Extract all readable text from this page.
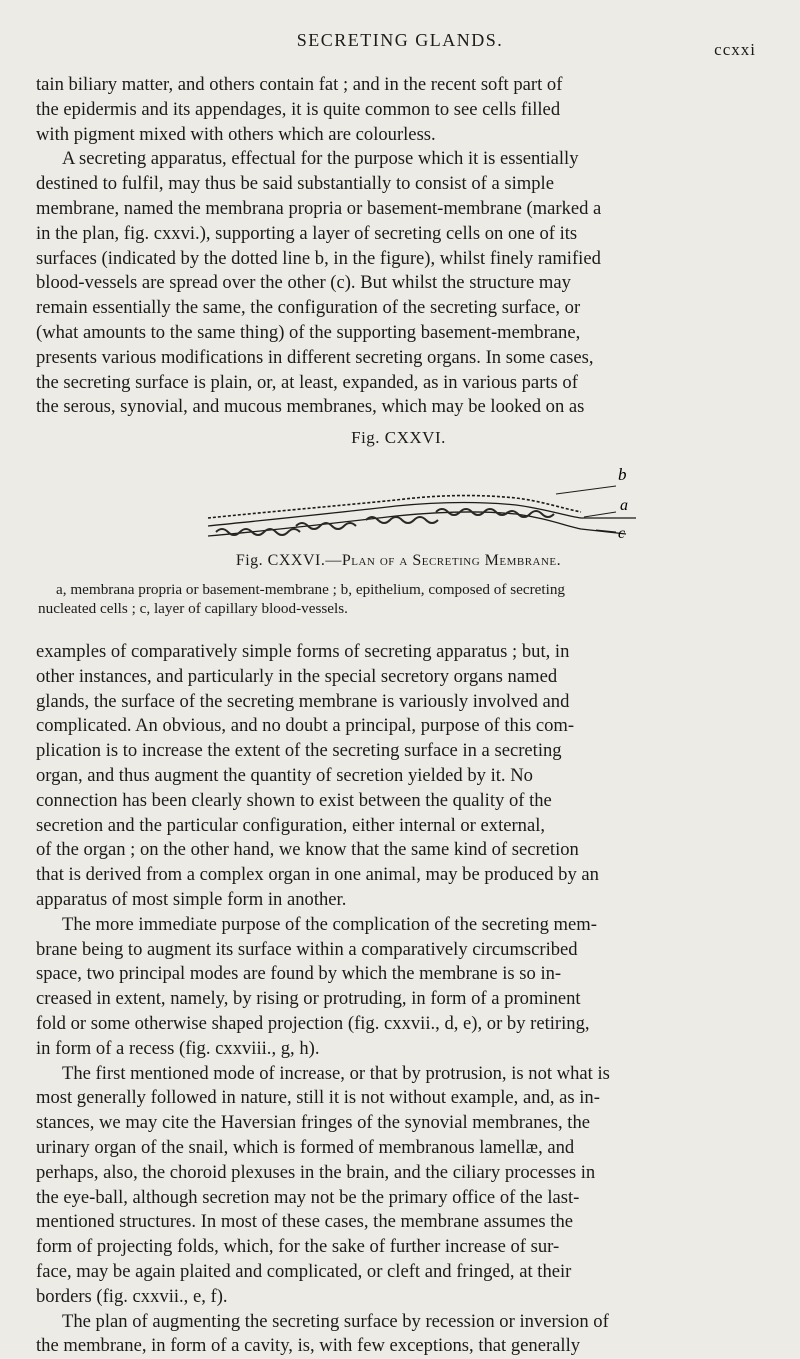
SECRETING GLANDS.	ccxxi

tain biliary matter, and others contain fat ; and in the recent soft part of
the epidermis and its appendages, it is quite common to see cells filled
with pigment mixed with others which are colourless.

A secreting apparatus, effectual for the purpose which it is essentially
destined to fulfil, may thus be said substantially to consist of a simple
membrane, named the membrana propria or basement-membrane (marked a
in the plan, fig. cxxvi.), supporting a layer of secreting cells on one of its
surfaces (indicated by the dotted line b, in the figure), whilst finely ramified
blood-vessels are spread over the other (c). But whilst the structure may
remain essentially the same, the configuration of the secreting surface, or
(what amounts to the same thing) of the supporting basement-membrane,
presents various modifications in different secreting organs. In some cases,
the secreting surface is plain, or, at least, expanded, as in various parts of
the serous, synovial, and mucous membranes, which may be looked on as

Fig. CXXVI.
b
a
c
Fig. CXXVI.—Plan of a Secreting Membrane.
a, membrana propria or basement-membrane ; b, epithelium, composed of secreting
nucleated cells ; c, layer of capillary blood-vessels.

examples of comparatively simple forms of secreting apparatus ; but, in
other instances, and particularly in the special secretory organs named
glands, the surface of the secreting membrane is variously involved and
complicated. An obvious, and no doubt a principal, purpose of this com-
plication is to increase the extent of the secreting surface in a secreting
organ, and thus augment the quantity of secretion yielded by it. No
connection has been clearly shown to exist between the quality of the
secretion and the particular configuration, either internal or external,
of the organ ; on the other hand, we know that the same kind of secretion
that is derived from a complex organ in one animal, may be produced by an
apparatus of most simple form in another.

The more immediate purpose of the complication of the secreting mem-
brane being to augment its surface within a comparatively circumscribed
space, two principal modes are found by which the membrane is so in-
creased in extent, namely, by rising or protruding, in form of a prominent
fold or some otherwise shaped projection (fig. cxxvii., d, e), or by retiring,
in form of a recess (fig. cxxviii., g, h).

The first mentioned mode of increase, or that by protrusion, is not what is
most generally followed in nature, still it is not without example, and, as in-
stances, we may cite the Haversian fringes of the synovial membranes, the
urinary organ of the snail, which is formed of membranous lamellæ, and
perhaps, also, the choroid plexuses in the brain, and the ciliary processes in
the eye-ball, although secretion may not be the primary office of the last-
mentioned structures. In most of these cases, the membrane assumes the
form of projecting folds, which, for the sake of further increase of sur-
face, may be again plaited and complicated, or cleft and fringed, at their
borders (fig. cxxvii., e, f).

The plan of augmenting the secreting surface by recession or inversion of
the membrane, in form of a cavity, is, with few exceptions, that generally
